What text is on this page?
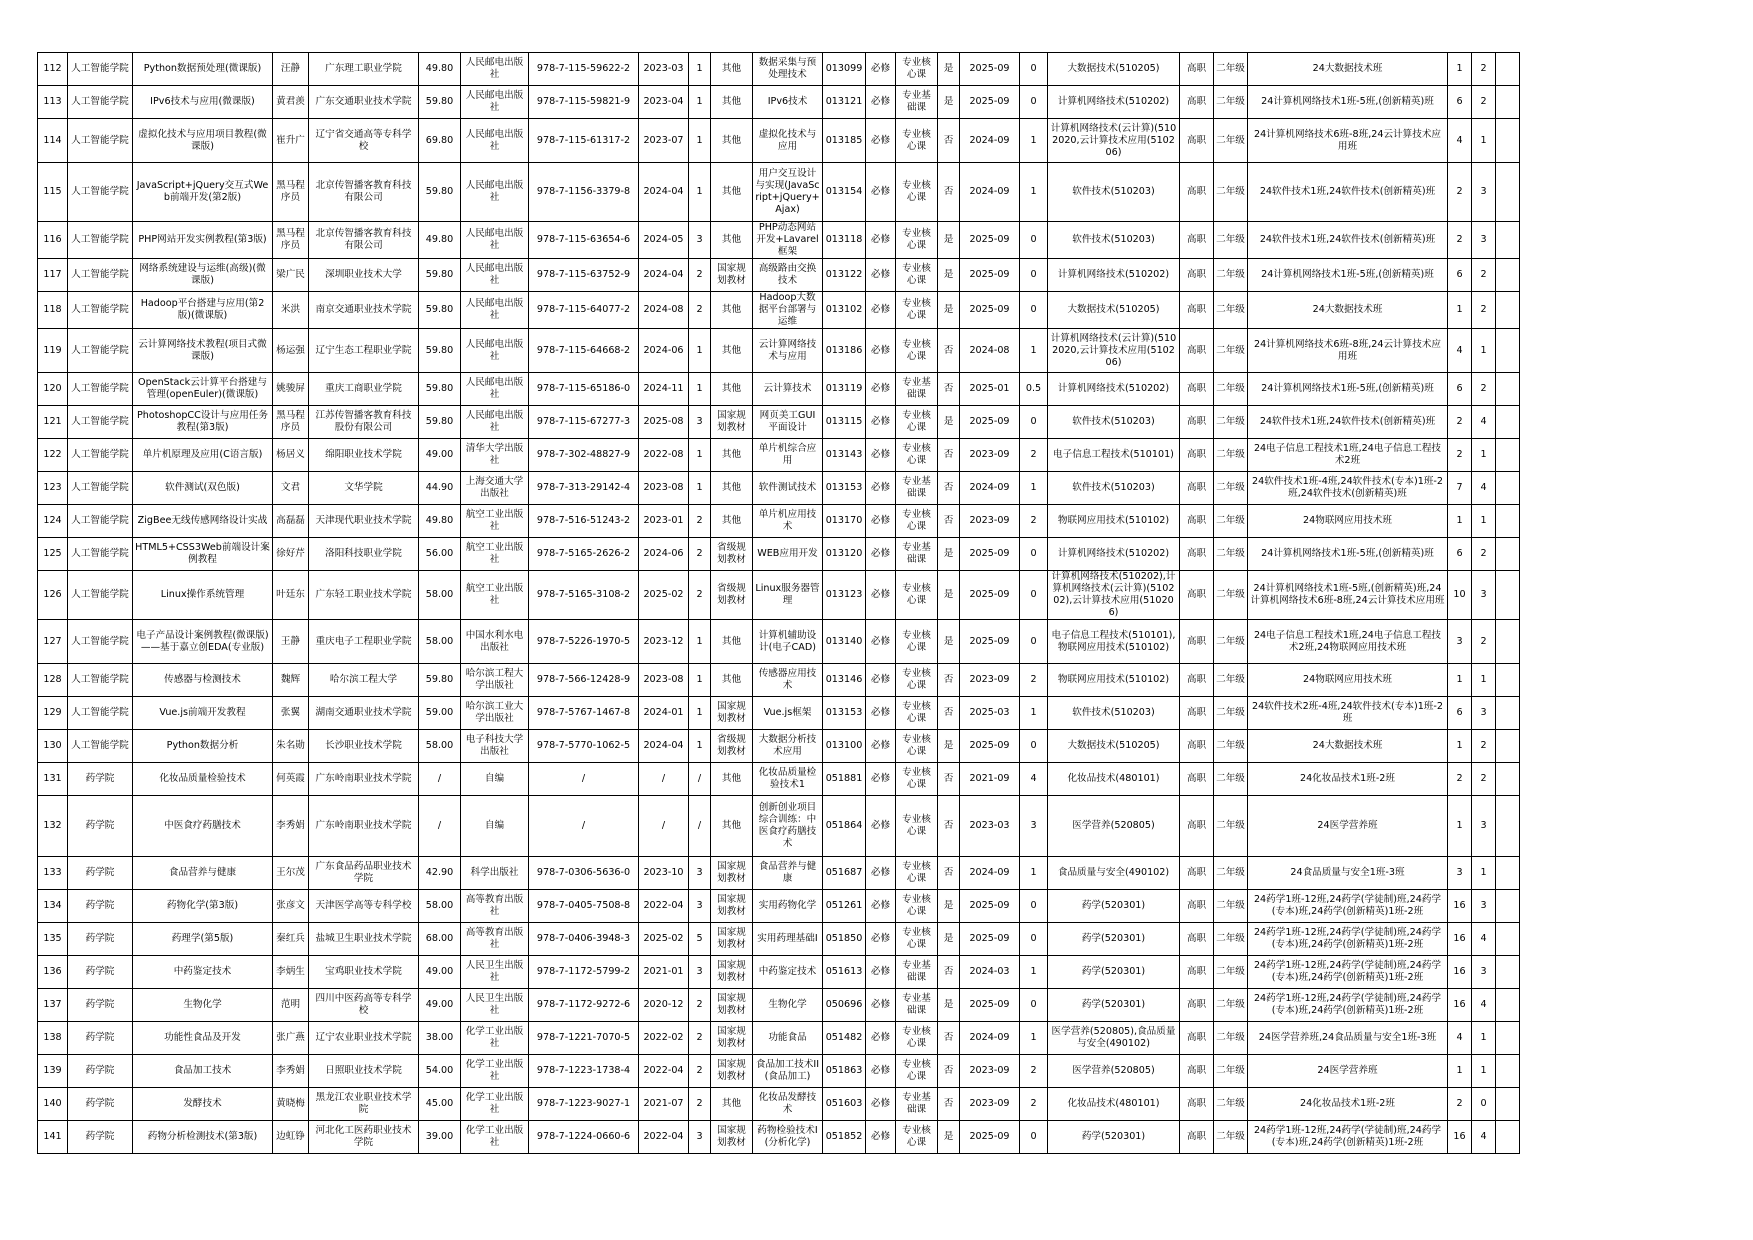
112	人工智能学院	Python数据预处理(微课版)	汪静	广东理工职业学院	49.80	人民邮电出版社	978-7-115-59622-2	2023-03	1	其他	数据采集与预处理技术	013099	必修	专业核心课	是	2025-09	0	大数据技术(510205)	高职	二年级	24大数据技术班	1	2	
113	人工智能学院	IPv6技术与应用(微课版)	黄君羡	广东交通职业技术学院	59.80	人民邮电出版社	978-7-115-59821-9	2023-04	1	其他	IPv6技术	013121	必修	专业基础课	是	2025-09	0	计算机网络技术(510202)	高职	二年级	24计算机网络技术1班-5班,(创新精英)班	6	2	
114	人工智能学院	虚拟化技术与应用项目教程(微课版)	崔升广	辽宁省交通高等专科学校	69.80	人民邮电出版社	978-7-115-61317-2	2023-07	1	其他	虚拟化技术与应用	013185	必修	专业核心课	否	2024-09	1	计算机网络技术(云计算)(5102020,云计算技术应用(510206)	高职	二年级	24计算机网络技术6班-8班,24云计算技术应用班	4	1	
115	人工智能学院	JavaScript+jQuery交互式Web前端开发(第2版)	黑马程序员	北京传智播客教育科技有限公司	59.80	人民邮电出版社	978-7-1156-3379-8	2024-04	1	其他	用户交互设计与实现(JavaScript+jQuery+Ajax)	013154	必修	专业核心课	否	2024-09	1	软件技术(510203)	高职	二年级	24软件技术1班,24软件技术(创新精英)班	2	3	
116	人工智能学院	PHP网站开发实例教程(第3版)	黑马程序员	北京传智播客教育科技有限公司	49.80	人民邮电出版社	978-7-115-63654-6	2024-05	3	其他	PHP动态网站开发+Lavarel框架	013118	必修	专业核心课	是	2025-09	0	软件技术(510203)	高职	二年级	24软件技术1班,24软件技术(创新精英)班	2	3	
117	人工智能学院	网络系统建设与运维(高级)(微课版)	梁广民	深圳职业技术大学	59.80	人民邮电出版社	978-7-115-63752-9	2024-04	2	国家规划教材	高级路由交换技术	013122	必修	专业核心课	是	2025-09	0	计算机网络技术(510202)	高职	二年级	24计算机网络技术1班-5班,(创新精英)班	6	2	
118	人工智能学院	Hadoop平台搭建与应用(第2版)(微课版)	米洪	南京交通职业技术学院	59.80	人民邮电出版社	978-7-115-64077-2	2024-08	2	其他	Hadoop大数据平台部署与运维	013102	必修	专业核心课	是	2025-09	0	大数据技术(510205)	高职	二年级	24大数据技术班	1	2	
119	人工智能学院	云计算网络技术教程(项目式微课版)	杨运强	辽宁生态工程职业学院	59.80	人民邮电出版社	978-7-115-64668-2	2024-06	1	其他	云计算网络技术与应用	013186	必修	专业核心课	否	2024-08	1	计算机网络技术(云计算)(5102020,云计算技术应用(510206)	高职	二年级	24计算机网络技术6班-8班,24云计算技术应用班	4	1	
120	人工智能学院	OpenStack云计算平台搭建与管理(openEuler)(微课版)	姚骏屏	重庆工商职业学院	59.80	人民邮电出版社	978-7-115-65186-0	2024-11	1	其他	云计算技术	013119	必修	专业基础课	否	2025-01	0.5	计算机网络技术(510202)	高职	二年级	24计算机网络技术1班-5班,(创新精英)班	6	2	
121	人工智能学院	PhotoshopCC设计与应用任务教程(第3版)	黑马程序员	江苏传智播客教育科技股份有限公司	59.80	人民邮电出版社	978-7-115-67277-3	2025-08	3	国家规划教材	网页美工GUI平面设计	013115	必修	专业核心课	是	2025-09	0	软件技术(510203)	高职	二年级	24软件技术1班,24软件技术(创新精英)班	2	4	
122	人工智能学院	单片机原理及应用(C语言版)	杨居义	绵阳职业技术学院	49.00	清华大学出版社	978-7-302-48827-9	2022-08	1	其他	单片机综合应用	013143	必修	专业核心课	否	2023-09	2	电子信息工程技术(510101)	高职	二年级	24电子信息工程技术1班,24电子信息工程技术2班	2	1	
123	人工智能学院	软件测试(双色版)	文君	文华学院	44.90	上海交通大学出版社	978-7-313-29142-4	2023-08	1	其他	软件测试技术	013153	必修	专业基础课	否	2024-09	1	软件技术(510203)	高职	二年级	24软件技术1班-4班,24软件技术(专本)1班-2班,24软件技术(创新精英)班	7	4	
124	人工智能学院	ZigBee无线传感网络设计实战	高磊磊	天津现代职业技术学院	49.80	航空工业出版社	978-7-516-51243-2	2023-01	2	其他	单片机应用技术	013170	必修	专业核心课	否	2023-09	2	物联网应用技术(510102)	高职	二年级	24物联网应用技术班	1	1	
125	人工智能学院	HTML5+CSS3Web前端设计案例教程	徐好芹	洛阳科技职业学院	56.00	航空工业出版社	978-7-5165-2626-2	2024-06	2	省级规划教材	WEB应用开发	013120	必修	专业基础课	是	2025-09	0	计算机网络技术(510202)	高职	二年级	24计算机网络技术1班-5班,(创新精英)班	6	2	
126	人工智能学院	Linux操作系统管理	叶廷东	广东轻工职业技术学院	58.00	航空工业出版社	978-7-5165-3108-2	2025-02	2	省级规划教材	Linux服务器管理	013123	必修	专业核心课	是	2025-09	0	计算机网络技术(510202),计算机网络技术(云计算)(510202),云计算技术应用(510206)	高职	二年级	24计算机网络技术1班-5班,(创新精英)班,24计算机网络技术6班-8班,24云计算技术应用班	10	3	
127	人工智能学院	电子产品设计案例教程(微课版)——基于嘉立创EDA(专业版)	王静	重庆电子工程职业学院	58.00	中国水利水电出版社	978-7-5226-1970-5	2023-12	1	其他	计算机辅助设计(电子CAD)	013140	必修	专业核心课	是	2025-09	0	电子信息工程技术(510101),物联网应用技术(510102)	高职	二年级	24电子信息工程技术1班,24电子信息工程技术2班,24物联网应用技术班	3	2	
128	人工智能学院	传感器与检测技术	魏辉	哈尔滨工程大学	59.80	哈尔滨工程大学出版社	978-7-566-12428-9	2023-08	1	其他	传感器应用技术	013146	必修	专业核心课	否	2023-09	2	物联网应用技术(510102)	高职	二年级	24物联网应用技术班	1	1	
129	人工智能学院	Vue.js前端开发教程	张翼	湖南交通职业技术学院	59.00	哈尔滨工业大学出版社	978-7-5767-1467-8	2024-01	1	国家规划教材	Vue.js框架	013153	必修	专业核心课	否	2025-03	1	软件技术(510203)	高职	二年级	24软件技术2班-4班,24软件技术(专本)1班-2班	6	3	
130	人工智能学院	Python数据分析	朱名勋	长沙职业技术学院	58.00	电子科技大学出版社	978-7-5770-1062-5	2024-04	1	省级规划教材	大数据分析技术应用	013100	必修	专业核心课	是	2025-09	0	大数据技术(510205)	高职	二年级	24大数据技术班	1	2	
131	药学院	化妆品质量检验技术	何英霞	广东岭南职业技术学院	/	自编	/	/	/	其他	化妆品质量检验技术1	051881	必修	专业核心课	否	2021-09	4	化妆品技术(480101)	高职	二年级	24化妆品技术1班-2班	2	2	
132	药学院	中医食疗药膳技术	李秀娟	广东岭南职业技术学院	/	自编	/	/	/	其他	创新创业项目综合训练：中医食疗药膳技术	051864	必修	专业核心课	否	2023-03	3	医学营养(520805)	高职	二年级	24医学营养班	1	3	
133	药学院	食品营养与健康	王尔茂	广东食品药品职业技术学院	42.90	科学出版社	978-7-0306-5636-0	2023-10	3	国家规划教材	食品营养与健康	051687	必修	专业核心课	否	2024-09	1	食品质量与安全(490102)	高职	二年级	24食品质量与安全1班-3班	3	1	
134	药学院	药物化学(第3版)	张彦文	天津医学高等专科学校	58.00	高等教育出版社	978-7-0405-7508-8	2022-04	3	国家规划教材	实用药物化学	051261	必修	专业核心课	是	2025-09	0	药学(520301)	高职	二年级	24药学1班-12班,24药学(学徒制)班,24药学(专本)班,24药学(创新精英)1班-2班	16	3	
135	药学院	药理学(第5版)	秦红兵	盐城卫生职业技术学院	68.00	高等教育出版社	978-7-0406-3948-3	2025-02	5	国家规划教材	实用药理基础I	051850	必修	专业核心课	是	2025-09	0	药学(520301)	高职	二年级	24药学1班-12班,24药学(学徒制)班,24药学(专本)班,24药学(创新精英)1班-2班	16	4	
136	药学院	中药鉴定技术	李炳生	宝鸡职业技术学院	49.00	人民卫生出版社	978-7-1172-5799-2	2021-01	3	国家规划教材	中药鉴定技术	051613	必修	专业基础课	否	2024-03	1	药学(520301)	高职	二年级	24药学1班-12班,24药学(学徒制)班,24药学(专本)班,24药学(创新精英)1班-2班	16	3	
137	药学院	生物化学	范明	四川中医药高等专科学校	49.00	人民卫生出版社	978-7-1172-9272-6	2020-12	2	国家规划教材	生物化学	050696	必修	专业基础课	是	2025-09	0	药学(520301)	高职	二年级	24药学1班-12班,24药学(学徒制)班,24药学(专本)班,24药学(创新精英)1班-2班	16	4	
138	药学院	功能性食品及开发	张广燕	辽宁农业职业技术学院	38.00	化学工业出版社	978-7-1221-7070-5	2022-02	2	国家规划教材	功能食品	051482	必修	专业核心课	否	2024-09	1	医学营养(520805),食品质量与安全(490102)	高职	二年级	24医学营养班,24食品质量与安全1班-3班	4	1	
139	药学院	食品加工技术	李秀娟	日照职业技术学院	54.00	化学工业出版社	978-7-1223-1738-4	2022-04	2	国家规划教材	食品加工技术II(食品加工)	051863	必修	专业核心课	否	2023-09	2	医学营养(520805)	高职	二年级	24医学营养班	1	1	
140	药学院	发酵技术	黄晓梅	黑龙江农业职业技术学院	45.00	化学工业出版社	978-7-1223-9027-1	2021-07	2	其他	化妆品发酵技术	051603	必修	专业基础课	否	2023-09	2	化妆品技术(480101)	高职	二年级	24化妆品技术1班-2班	2	0	
141	药学院	药物分析检测技术(第3版)	边虹铮	河北化工医药职业技术学院	39.00	化学工业出版社	978-7-1224-0660-6	2022-04	3	国家规划教材	药物检验技术I(分析化学)	051852	必修	专业核心课	是	2025-09	0	药学(520301)	高职	二年级	24药学1班-12班,24药学(学徒制)班,24药学(专本)班,24药学(创新精英)1班-2班	16	4	
